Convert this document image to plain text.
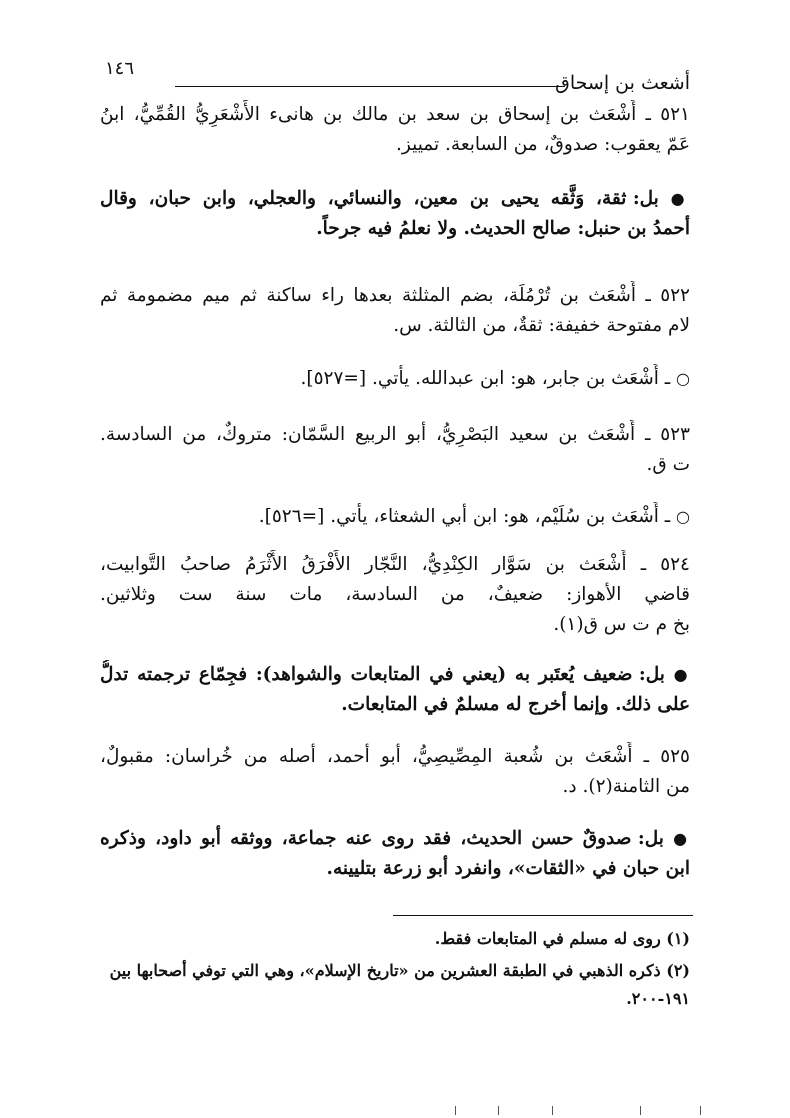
أشعث بن إسحاق
١٤٦
٥٢١ ـ أَشْعَث بن إسحاق بن سعد بن مالك بن هانىء الأَشْعَرِيُّ القُمِّيُّ، ابنُ
عَمّ يعقوب: صدوقٌ، من السابعة. تمييز.
● بل: ثقة، وَثَّقه يحيى بن معين، والنسائي، والعجلي، وابن حبان، وقال
أحمدُ بن حنبل: صالح الحديث. ولا نعلمُ فيه جرحاً.
٥٢٢ ـ أَشْعَث بن تُرْمُلَة، بضم المثلثة بعدها راء ساكنة ثم ميم مضمومة ثم
لام مفتوحة خفيفة: ثقةٌ، من الثالثة. س.
○ ـ أَشْعَث بن جابر، هو: ابن عبدالله. يأتي. [=٥٢٧].
٥٢٣ ـ أَشْعَث بن سعيد البَصْرِيُّ، أبو الربيع السَّمّان: متروكٌ، من السادسة.
ت ق.
○ ـ أَشْعَث بن سُلَيْم، هو: ابن أبي الشعثاء، يأتي. [=٥٢٦].
٥٢٤ ـ أَشْعَث بن سَوَّار الكِنْدِيُّ، النَّجّار الأَفْرَقُ الأَثْرَمُ صاحبُ التَّوابيت،
قاضي الأهواز: ضعيفٌ، من السادسة، مات سنة ست وثلاثين.
بخ م ت س ق(١).
● بل: ضعيف يُعتَبر به (يعني في المتابعات والشواهد): فجِمّاع ترجمته تدلُّ
على ذلك. وإنما أخرج له مسلمٌ في المتابعات.
٥٢٥ ـ أَشْعَث بن شُعبة المِصِّيصِيُّ، أبو أحمد، أصله من خُراسان: مقبولٌ،
من الثامنة(٢). د.
● بل: صدوقٌ حسن الحديث، فقد روى عنه جماعة، ووثقه أبو داود، وذكره
ابن حبان في «الثقات»، وانفرد أبو زرعة بتليينه.
(١) روى له مسلم في المتابعات فقط.
(٢) ذكره الذهبي في الطبقة العشرين من «تاريخ الإسلام»، وهي التي توفي أصحابها بين
١٩١-٢٠٠.
